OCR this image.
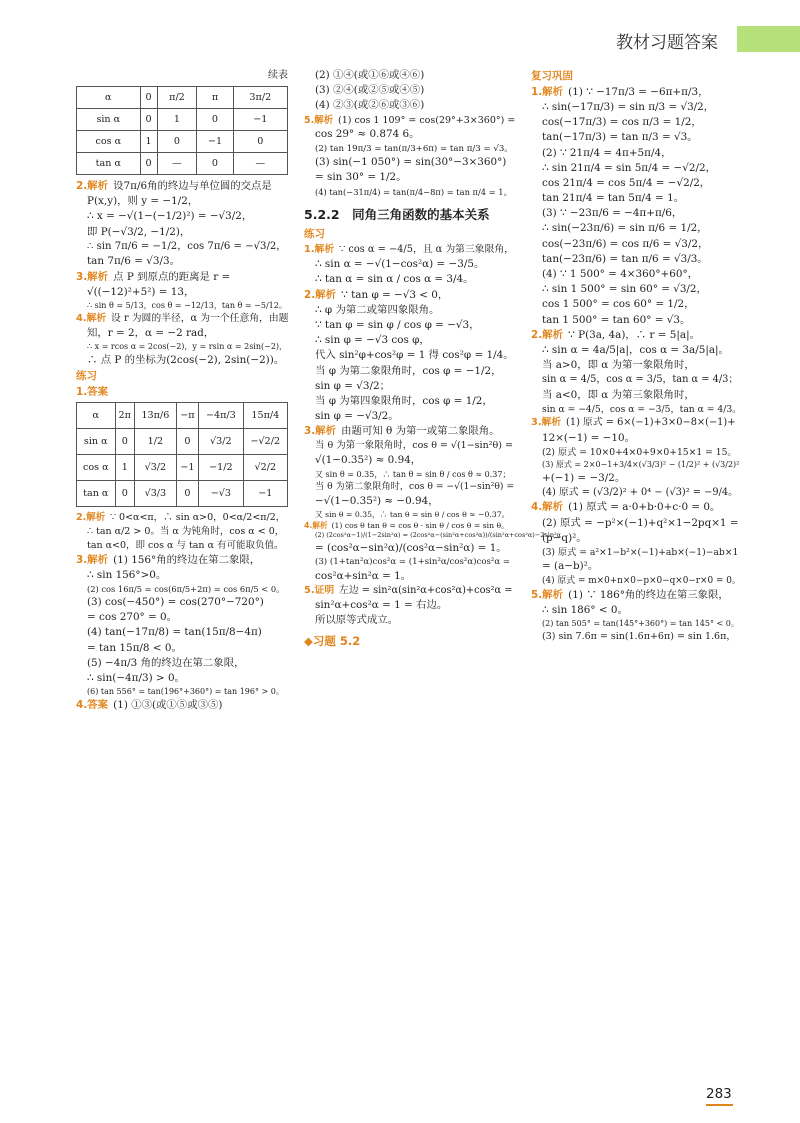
教材习题答案
续表
α	0	π/2	π	3π/2
sin α	0	1	0	−1
cos α	1	0	−1	0
tan α	0	—	0	—
2.解析  设7π/6角的终边与单位圆的交点是
P(x,y)，则 y = −1/2，
∴ x = −√(1−(−1/2)²) = −√3/2，
即 P(−√3/2, −1/2)，
∴ sin 7π/6 = −1/2，cos 7π/6 = −√3/2，
tan 7π/6 = √3/3。
3.解析  点 P 到原点的距离是 r =
√((−12)²+5²) = 13，
∴ sin θ = 5/13，cos θ = −12/13，tan θ = −5/12。
4.解析  设 r 为圆的半径，α 为一个任意角，由题
知，r = 2，α = −2 rad，
∴ x = rcos α = 2cos(−2)，y = rsin α = 2sin(−2)，
∴ 点 P 的坐标为(2cos(−2), 2sin(−2))。
练习
1.答案
α	2π	13π/6	−π	−4π/3	15π/4
sin α	0	1/2	0	√3/2	−√2/2
cos α	1	√3/2	−1	−1/2	√2/2
tan α	0	√3/3	0	−√3	−1
2.解析  ∵ 0<α<π，∴ sin α>0，0<α/2<π/2，
∴ tan α/2 > 0。当 α 为钝角时，cos α < 0，
tan α<0，即 cos α 与 tan α 有可能取负值。
3.解析  (1) 156°角的终边在第二象限，
∴ sin 156°>0。
(2) cos 16π/5 = cos(6π/5+2π) = cos 6π/5 < 0。
(3) cos(−450°) = cos(270°−720°)
= cos 270° = 0。
(4) tan(−17π/8) = tan(15π/8−4π)
= tan 15π/8 < 0。
(5) −4π/3 角的终边在第二象限，
∴ sin(−4π/3) > 0。
(6) tan 556° = tan(196°+360°) = tan 196° > 0。
4.答案  (1) ①③(或①⑤或③⑤)
(2) ①④(或①⑥或④⑥)
(3) ②④(或②⑤或④⑤)
(4) ②③(或②⑥或③⑥)
5.解析  (1) cos 1 109° = cos(29°+3×360°) =
cos 29° ≈ 0.874 6。
(2) tan 19π/3 = tan(π/3+6π) = tan π/3 = √3。
(3) sin(−1 050°) = sin(30°−3×360°)
= sin 30° = 1/2。
(4) tan(−31π/4) = tan(π/4−8π) = tan π/4 = 1。
5.2.2　同角三角函数的基本关系
练习
1.解析  ∵ cos α = −4/5，且 α 为第三象限角，
∴ sin α = −√(1−cos²α) = −3/5。
∴ tan α = sin α / cos α = 3/4。
2.解析  ∵ tan φ = −√3 < 0，
∴ φ 为第二或第四象限角。
∵ tan φ = sin φ / cos φ = −√3，
∴ sin φ = −√3 cos φ，
代入 sin²φ+cos²φ = 1 得 cos²φ = 1/4。
当 φ 为第二象限角时，cos φ = −1/2，
sin φ = √3/2；
当 φ 为第四象限角时，cos φ = 1/2，
sin φ = −√3/2。
3.解析  由题可知 θ 为第一或第二象限角。
当 θ 为第一象限角时，cos θ = √(1−sin²θ) =
√(1−0.35²) ≈ 0.94，
又 sin θ = 0.35，∴ tan θ = sin θ / cos θ ≈ 0.37；
当 θ 为第二象限角时，cos θ = −√(1−sin²θ) =
−√(1−0.35²) ≈ −0.94，
又 sin θ = 0.35，∴ tan θ = sin θ / cos θ ≈ −0.37。
4.解析  (1) cos θ tan θ = cos θ · sin θ / cos θ = sin θ。
(2) (2cos²α−1)/(1−2sin²α) = (2cos²α−(sin²α+cos²α))/(sin²α+cos²α)−2sin²α
= (cos²α−sin²α)/(cos²α−sin²α) = 1。
(3) (1+tan²α)cos²α = (1+sin²α/cos²α)cos²α =
cos²α+sin²α = 1。
5.证明  左边 = sin²α(sin²α+cos²α)+cos²α =
sin²α+cos²α = 1 = 右边。
所以原等式成立。
◆习题 5.2
复习巩固
1.解析  (1) ∵ −17π/3 = −6π+π/3，
∴ sin(−17π/3) = sin π/3 = √3/2，
cos(−17π/3) = cos π/3 = 1/2，
tan(−17π/3) = tan π/3 = √3。
(2) ∵ 21π/4 = 4π+5π/4，
∴ sin 21π/4 = sin 5π/4 = −√2/2，
cos 21π/4 = cos 5π/4 = −√2/2，
tan 21π/4 = tan 5π/4 = 1。
(3) ∵ −23π/6 = −4π+π/6，
∴ sin(−23π/6) = sin π/6 = 1/2，
cos(−23π/6) = cos π/6 = √3/2，
tan(−23π/6) = tan π/6 = √3/3。
(4) ∵ 1 500° = 4×360°+60°，
∴ sin 1 500° = sin 60° = √3/2，
cos 1 500° = cos 60° = 1/2，
tan 1 500° = tan 60° = √3。
2.解析  ∵ P(3a, 4a)，∴ r = 5|a|。
∴ sin α = 4a/5|a|，cos α = 3a/5|a|。
当 a>0，即 α 为第一象限角时，
sin α = 4/5，cos α = 3/5，tan α = 4/3；
当 a<0，即 α 为第三象限角时，
sin α = −4/5，cos α = −3/5，tan α = 4/3。
3.解析  (1) 原式 = 6×(−1)+3×0−8×(−1)+
12×(−1) = −10。
(2) 原式 = 10×0+4×0+9×0+15×1 = 15。
(3) 原式 = 2×0−1+3/4×(√3/3)² − (1/2)² + (√3/2)²
+(−1) = −3/2。
(4) 原式 = (√3/2)² + 0⁴ − (√3)² = −9/4。
4.解析  (1) 原式 = a·0+b·0+c·0 = 0。
(2) 原式 = −p²×(−1)+q²×1−2pq×1 =
(p−q)²。
(3) 原式 = a²×1−b²×(−1)+ab×(−1)−ab×1
= (a−b)²。
(4) 原式 = m×0+n×0−p×0−q×0−r×0 = 0。
5.解析  (1) ∵ 186°角的终边在第三象限，
∴ sin 186° < 0。
(2) tan 505° = tan(145°+360°) = tan 145° < 0。
(3) sin 7.6π = sin(1.6π+6π) = sin 1.6π，
283
